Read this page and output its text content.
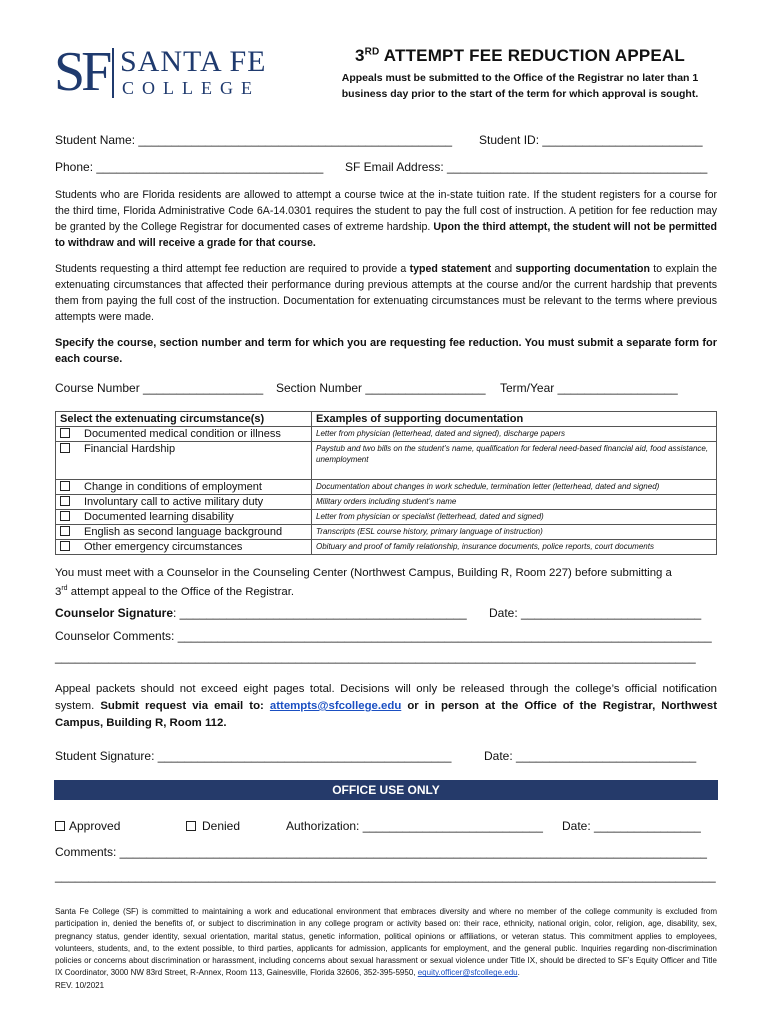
SF SANTA FE
COLLEGE
3RD ATTEMPT FEE REDUCTION APPEAL
Appeals must be submitted to the Office of the Registrar no later than 1
business day prior to the start of the term for which approval is sought.
Student Name: _______________________________________________ Student ID: ________________________
Phone: __________________________________ SF Email Address: _______________________________________
Students who are Florida residents are allowed to attempt a course twice at the in-state tuition rate. If the student registers for a course for the third time, Florida Administrative Code 6A-14.0301 requires the student to pay the full cost of instruction. A petition for fee reduction may be granted by the College Registrar for documented cases of extreme hardship. Upon the third attempt, the student will not be permitted to withdraw and will receive a grade for that course.
Students requesting a third attempt fee reduction are required to provide a typed statement and supporting documentation to explain the extenuating circumstances that affected their performance during previous attempts at the course and/or the current hardship that prevents them from paying the full cost of the instruction. Documentation for extenuating circumstances must be relevant to the terms where previous attempts were made.
Specify the course, section number and term for which you are requesting fee reduction. You must submit a separate form for each course.
Course Number __________________ Section Number __________________ Term/Year __________________
Select the extenuating circumstance(s)	Examples of supporting documentation
Documented medical condition or illness	Letter from physician (letterhead, dated and signed), discharge papers
Financial Hardship	Paystub and two bills on the student’s name, qualification for federal need-based financial aid, food assistance, unemployment
Change in conditions of employment	Documentation about changes in work schedule, termination letter (letterhead, dated and signed)
Involuntary call to active military duty	Military orders including student’s name
Documented learning disability	Letter from physician or specialist (letterhead, dated and signed)
English as second language background	Transcripts (ESL course history, primary language of instruction)
Other emergency circumstances	Obituary and proof of family relationship, insurance documents, police reports, court documents
You must meet with a Counselor in the Counseling Center (Northwest Campus, Building R, Room 227) before submitting a
3rd attempt appeal to the Office of the Registrar.
Counselor Signature: ___________________________________________ Date: ___________________________
Counselor Comments: ________________________________________________________________________________
________________________________________________________________________________________________
Appeal packets should not exceed eight pages total. Decisions will only be released through the college’s official notification system. Submit request via email to: attempts@sfcollege.edu or in person at the Office of the Registrar, Northwest Campus, Building R, Room 112.
Student Signature: ____________________________________________	Date: ___________________________
OFFICE USE ONLY
Approved	Denied	Authorization: ___________________________ Date: ________________
Comments: ________________________________________________________________________________________
___________________________________________________________________________________________________
Santa Fe College (SF) is committed to maintaining a work and educational environment that embraces diversity and where no member of the college community is excluded from participation in, denied the benefits of, or subject to discrimination in any college program or activity based on: their race, ethnicity, national origin, color, religion, age, disability, sex, pregnancy status, gender identity, sexual orientation, marital status, genetic information, political opinions or affiliations, or veteran status. This commitment applies to employees, volunteers, students, and, to the extent possible, to third parties, applicants for admission, applicants for employment, and the general public. Inquiries regarding non-discrimination policies or concerns about discrimination or harassment, including concerns about sexual harassment or sexual violence under Title IX, should be directed to SF’s Equity Officer and Title IX Coordinator, 3000 NW 83rd Street, R-Annex, Room 113, Gainesville, Florida 32606, 352-395-5950, equity.officer@sfcollege.edu.
REV. 10/2021
